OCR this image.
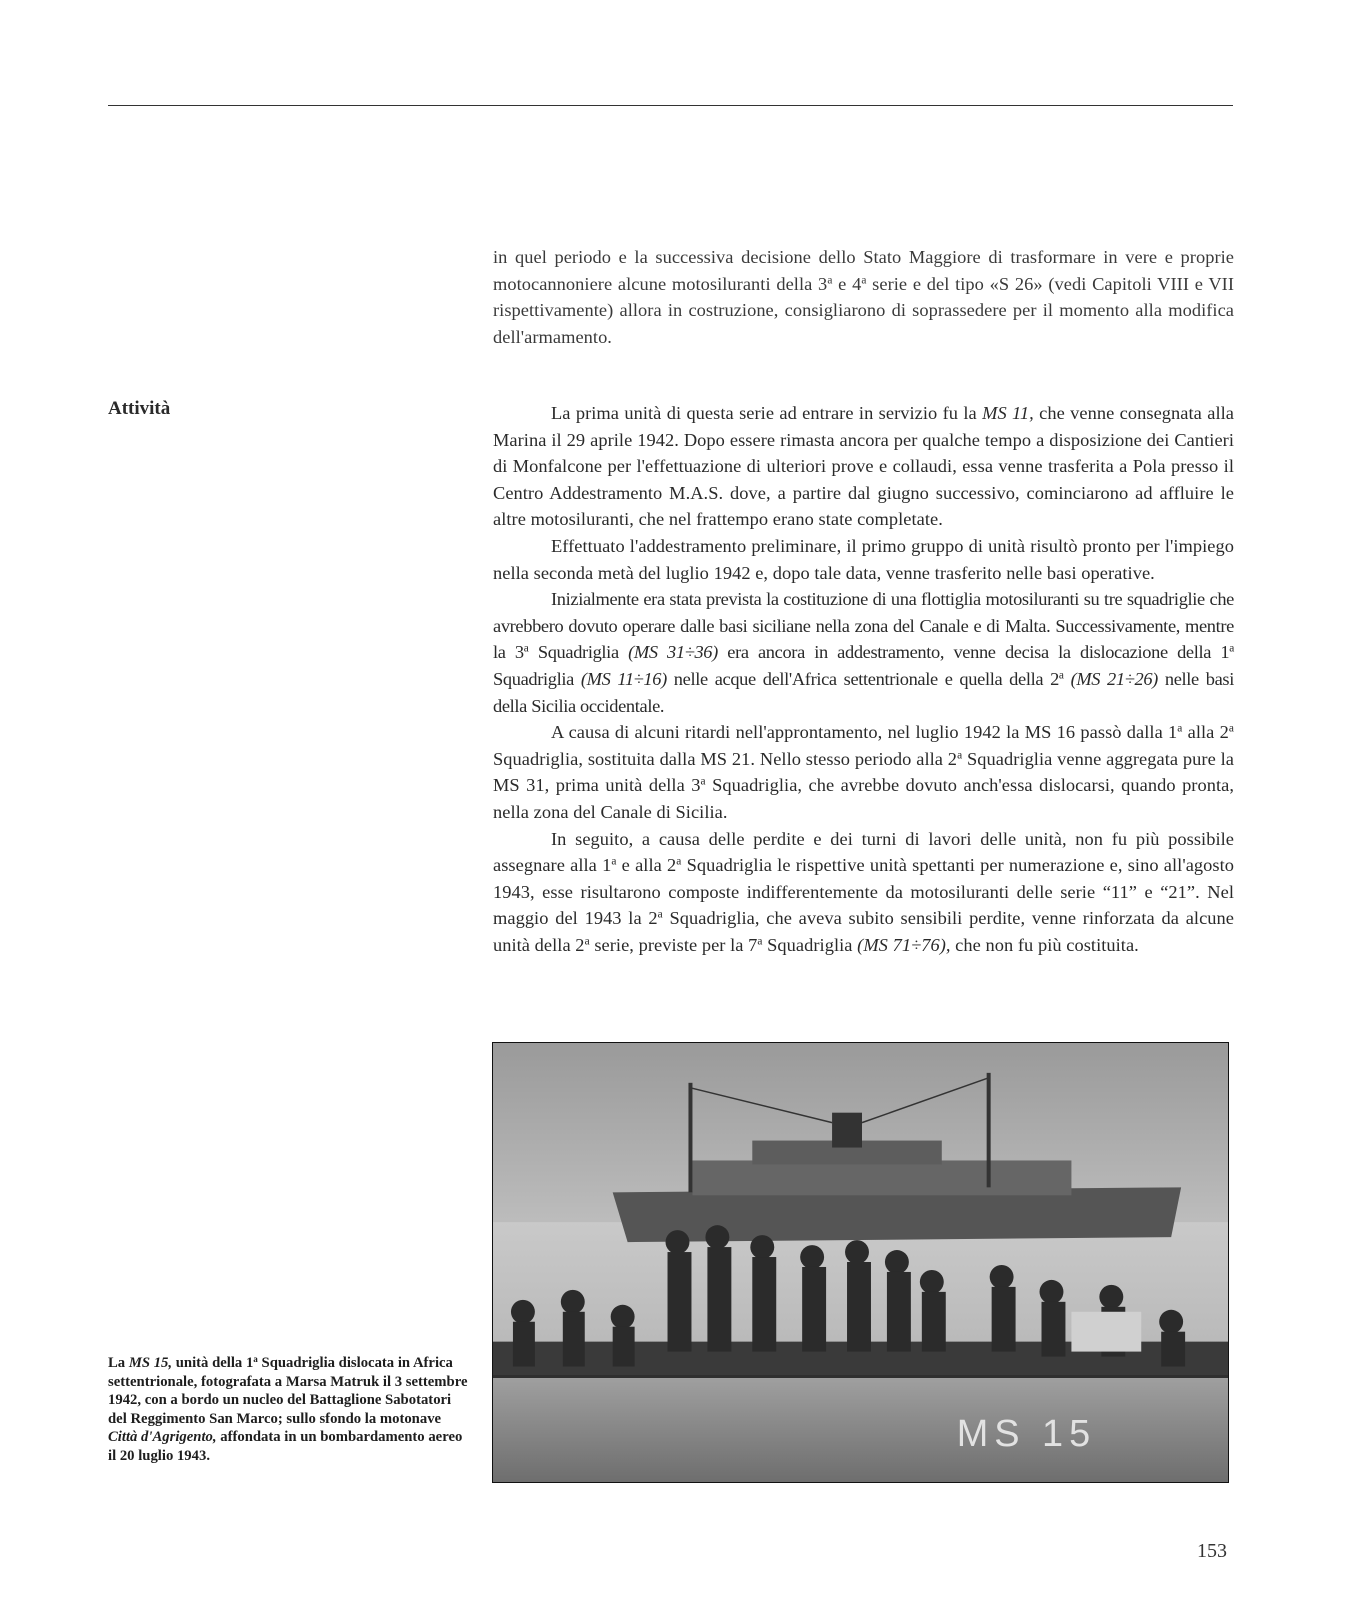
in quel periodo e la successiva decisione dello Stato Maggiore di trasformare in vere e proprie motocannoniere alcune motosiluranti della 3$^a$ e 4$^a$ serie e del tipo «S 26» (vedi Capitoli VIII e VII rispettivamente) allora in costruzione, consigliarono di soprassedere per il momento alla modifica dell'armamento.

Attività	La prima unità di questa serie ad entrare in servizio fu la MS 11, che venne consegnata alla Marina il 29 aprile 1942. Dopo essere rimasta ancora per qualche tempo a disposizione dei Cantieri di Monfalcone per l'effettuazione di ulteriori prove e collaudi, essa venne trasferita a Pola presso il Centro Addestramento M.A.S. dove, a partire dal giugno successivo, cominciarono ad affluire le altre motosiluranti, che nel frattempo erano state completate.

Effettuato l'addestramento preliminare, il primo gruppo di unità risultò pronto per l'impiego nella seconda metà del luglio 1942 e, dopo tale data, venne trasferito nelle basi operative.

Inizialmente era stata prevista la costituzione di una flottiglia motosiluranti su tre squadriglie che avrebbero dovuto operare dalle basi siciliane nella zona del Canale e di Malta. Successivamente, mentre la 3$^a$ Squadriglia (MS 31÷36) era ancora in addestramento, venne decisa la dislocazione della 1$^a$ Squadriglia (MS 11÷16) nelle acque dell'Africa settentrionale e quella della 2$^a$ (MS 21÷26) nelle basi della Sicilia occidentale.

A causa di alcuni ritardi nell'approntamento, nel luglio 1942 la MS 16 passò dalla 1$^a$ alla 2$^a$ Squadriglia, sostituita dalla MS 21. Nello stesso periodo alla 2$^a$ Squadriglia venne aggregata pure la MS 31, prima unità della 3$^a$ Squadriglia, che avrebbe dovuto anch'essa dislocarsi, quando pronta, nella zona del Canale di Sicilia.

In seguito, a causa delle perdite e dei turni di lavori delle unità, non fu più possibile assegnare alla 1$^a$ e alla 2$^a$ Squadriglia le rispettive unità spettanti per numerazione e, sino all'agosto 1943, esse risultarono composte indifferentemente da motosiluranti delle serie “11” e “21”. Nel maggio del 1943 la 2$^a$ Squadriglia, che aveva subito sensibili perdite, venne rinforzata da alcune unità della 2$^a$ serie, previste per la 7$^a$ Squadriglia (MS 71÷76), che non fu più costituita.

MS 15
La MS 15, unità della 1$^a$ Squadriglia dislocata in Africa settentrionale, fotografata a Marsa Matruk il 3 settembre 1942, con a bordo un nucleo del Battaglione Sabotatori del Reggimento San Marco; sullo sfondo la motonave Città d'Agrigento, affondata in un bombardamento aereo il 20 luglio 1943.
153
